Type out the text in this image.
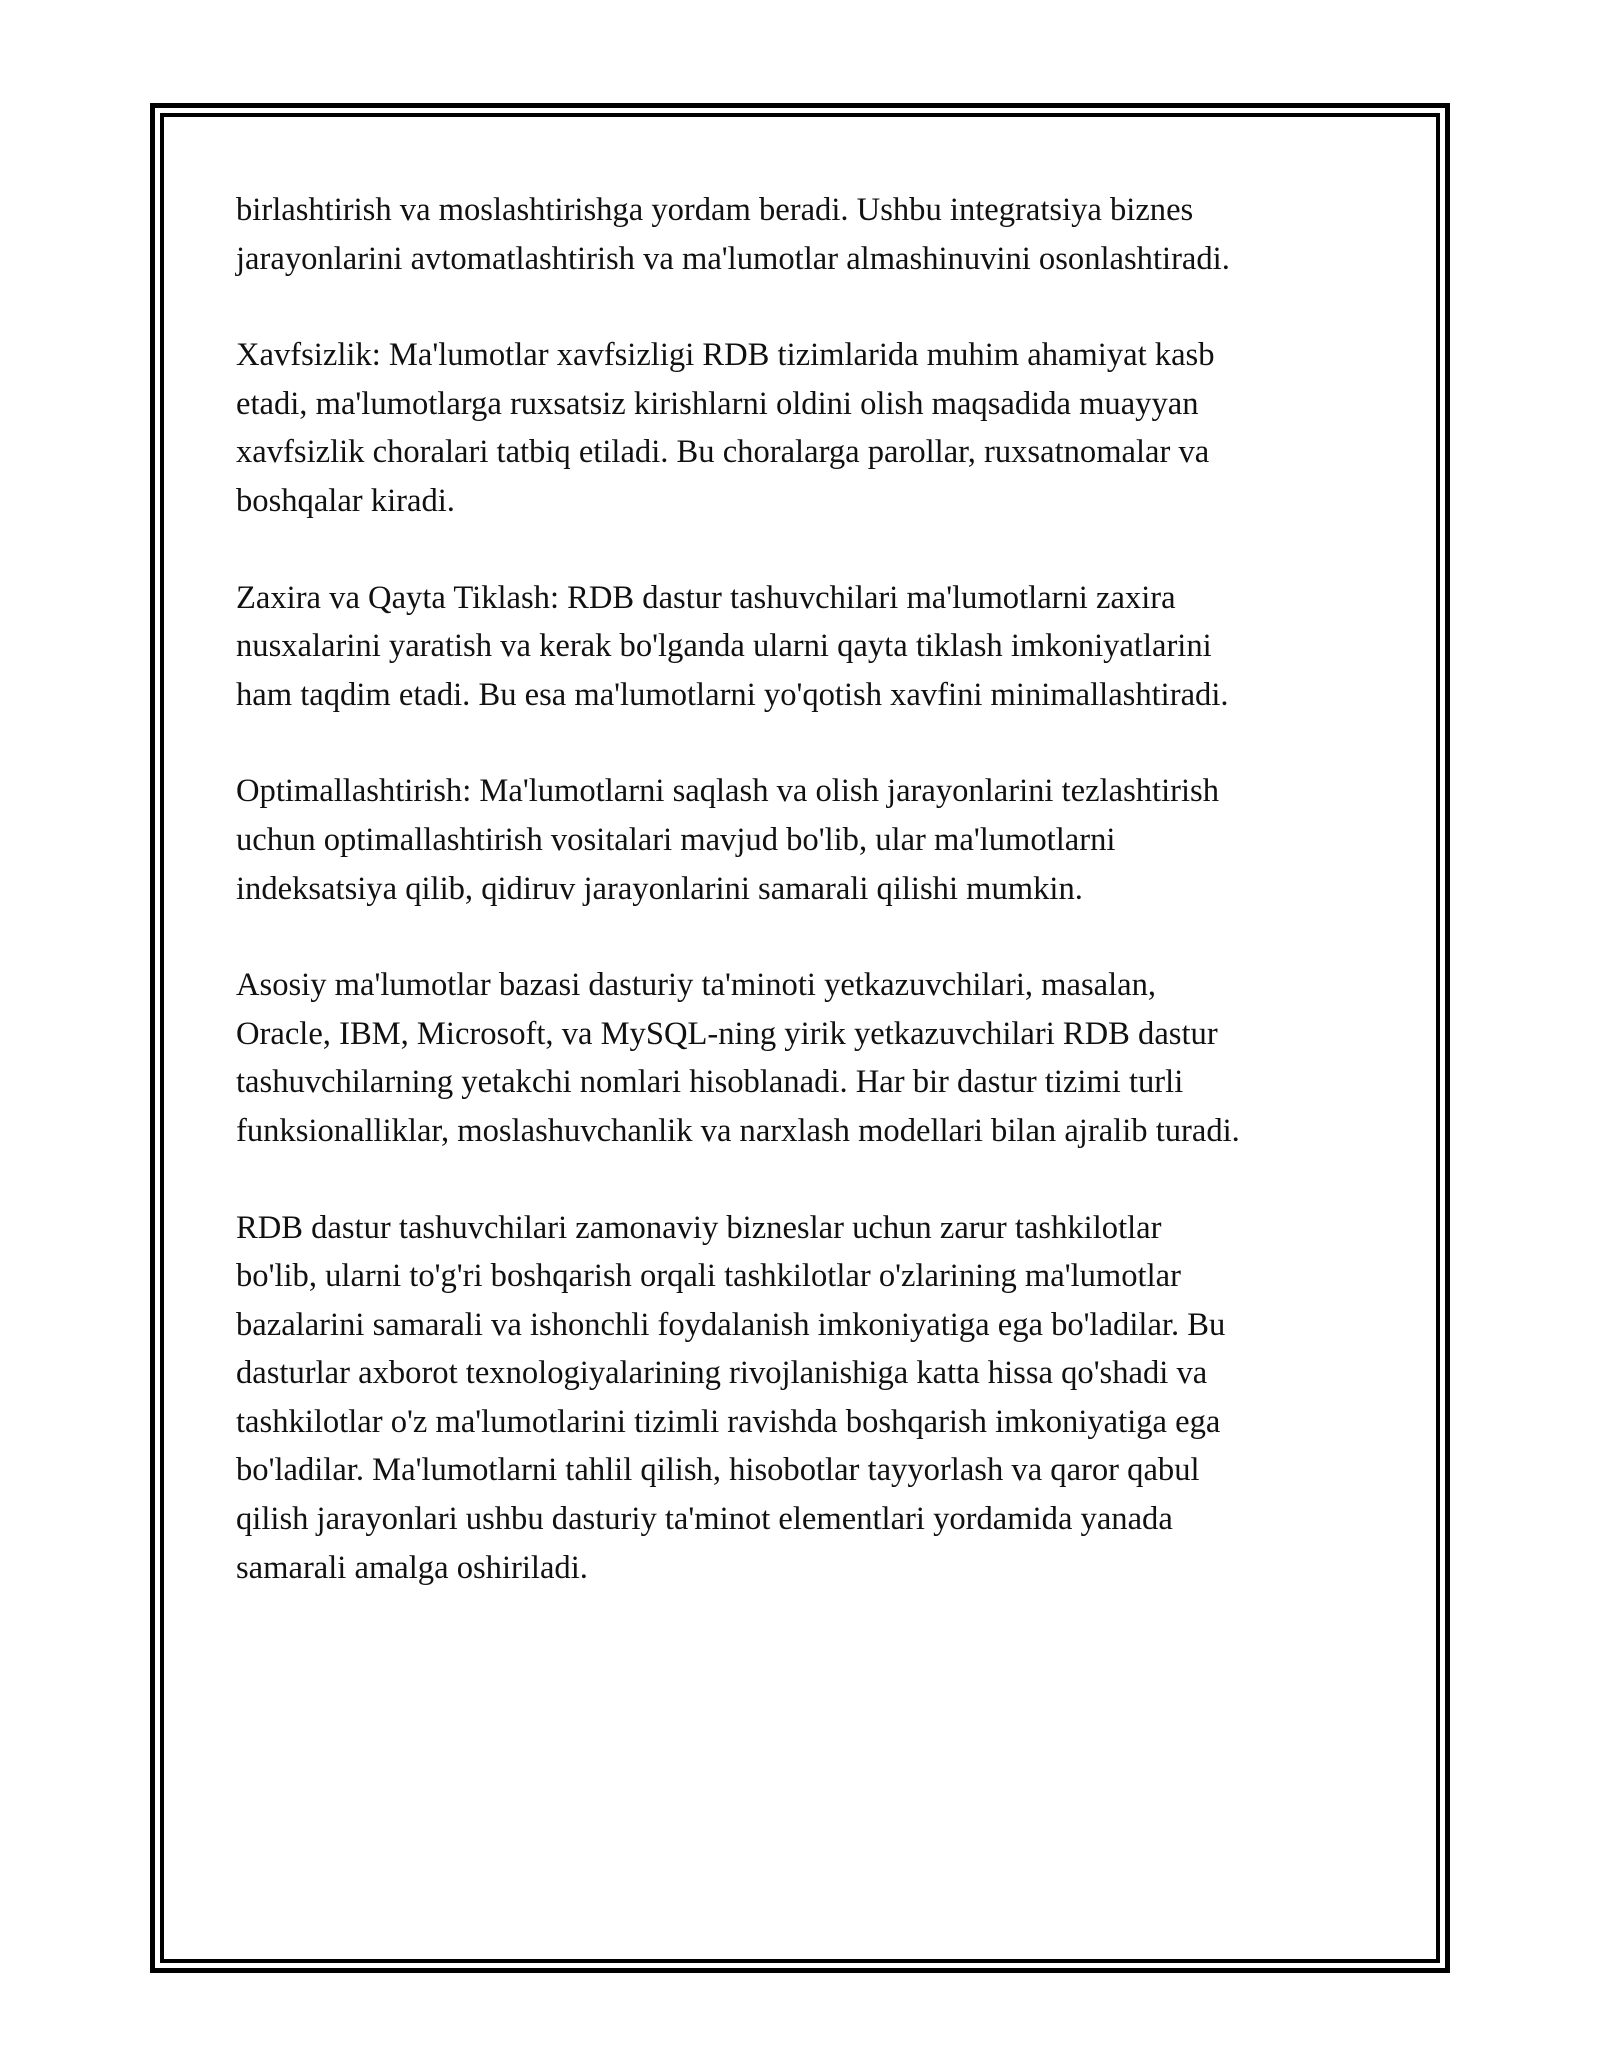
birlashtirish va moslashtirishga yordam beradi. Ushbu integratsiya biznes
jarayonlarini avtomatlashtirish va ma'lumotlar almashinuvini osonlashtiradi.

Xavfsizlik: Ma'lumotlar xavfsizligi RDB tizimlarida muhim ahamiyat kasb
etadi, ma'lumotlarga ruxsatsiz kirishlarni oldini olish maqsadida muayyan
xavfsizlik choralari tatbiq etiladi. Bu choralarga parollar, ruxsatnomalar va
boshqalar kiradi.

Zaxira va Qayta Tiklash: RDB dastur tashuvchilari ma'lumotlarni zaxira
nusxalarini yaratish va kerak bo'lganda ularni qayta tiklash imkoniyatlarini
ham taqdim etadi. Bu esa ma'lumotlarni yo'qotish xavfini minimallashtiradi.

Optimallashtirish: Ma'lumotlarni saqlash va olish jarayonlarini tezlashtirish
uchun optimallashtirish vositalari mavjud bo'lib, ular ma'lumotlarni
indeksatsiya qilib, qidiruv jarayonlarini samarali qilishi mumkin.

Asosiy ma'lumotlar bazasi dasturiy ta'minoti yetkazuvchilari, masalan,
Oracle, IBM, Microsoft, va MySQL-ning yirik yetkazuvchilari RDB dastur
tashuvchilarning yetakchi nomlari hisoblanadi. Har bir dastur tizimi turli
funksionalliklar, moslashuvchanlik va narxlash modellari bilan ajralib turadi.

RDB dastur tashuvchilari zamonaviy bizneslar uchun zarur tashkilotlar
bo'lib, ularni to'g'ri boshqarish orqali tashkilotlar o'zlarining ma'lumotlar
bazalarini samarali va ishonchli foydalanish imkoniyatiga ega bo'ladilar. Bu
dasturlar axborot texnologiyalarining rivojlanishiga katta hissa qo'shadi va
tashkilotlar o'z ma'lumotlarini tizimli ravishda boshqarish imkoniyatiga ega
bo'ladilar. Ma'lumotlarni tahlil qilish, hisobotlar tayyorlash va qaror qabul
qilish jarayonlari ushbu dasturiy ta'minot elementlari yordamida yanada
samarali amalga oshiriladi.
